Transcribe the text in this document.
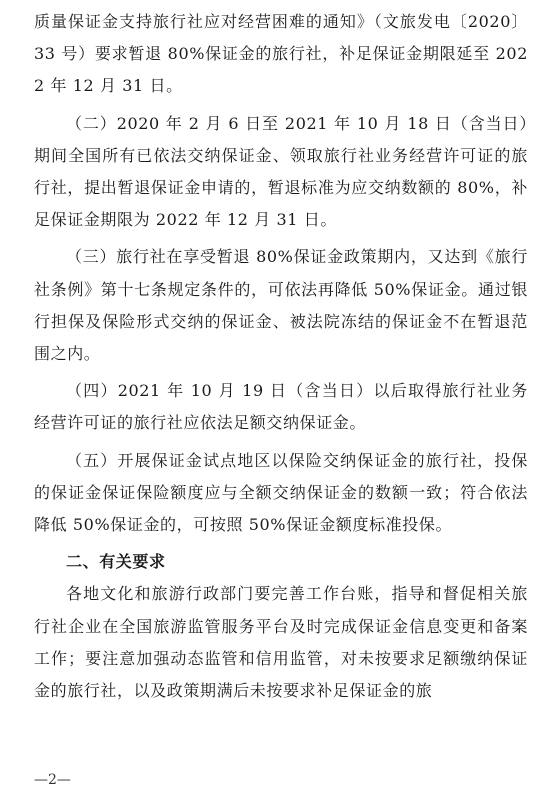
质量保证金支持旅行社应对经营困难的通知》（文旅发电〔2020〕33 号）要求暂退 80%保证金的旅行社，补足保证金期限延至 2022 年 12 月 31 日。

（二）2020 年 2 月 6 日至 2021 年 10 月 18 日（含当日）期间全国所有已依法交纳保证金、领取旅行社业务经营许可证的旅行社，提出暂退保证金申请的，暂退标准为应交纳数额的 80%，补足保证金期限为 2022 年 12 月 31 日。

（三）旅行社在享受暂退 80%保证金政策期内，又达到《旅行社条例》第十七条规定条件的，可依法再降低 50%保证金。通过银行担保及保险形式交纳的保证金、被法院冻结的保证金不在暂退范围之内。

（四）2021 年 10 月 19 日（含当日）以后取得旅行社业务经营许可证的旅行社应依法足额交纳保证金。

（五）开展保证金试点地区以保险交纳保证金的旅行社，投保的保证金保证保险额度应与全额交纳保证金的数额一致；符合依法降低 50%保证金的，可按照 50%保证金额度标准投保。

二、有关要求

各地文化和旅游行政部门要完善工作台账，指导和督促相关旅行社企业在全国旅游监管服务平台及时完成保证金信息变更和备案工作；要注意加强动态监管和信用监管，对未按要求足额缴纳保证金的旅行社，以及政策期满后未按要求补足保证金的旅

—2—
